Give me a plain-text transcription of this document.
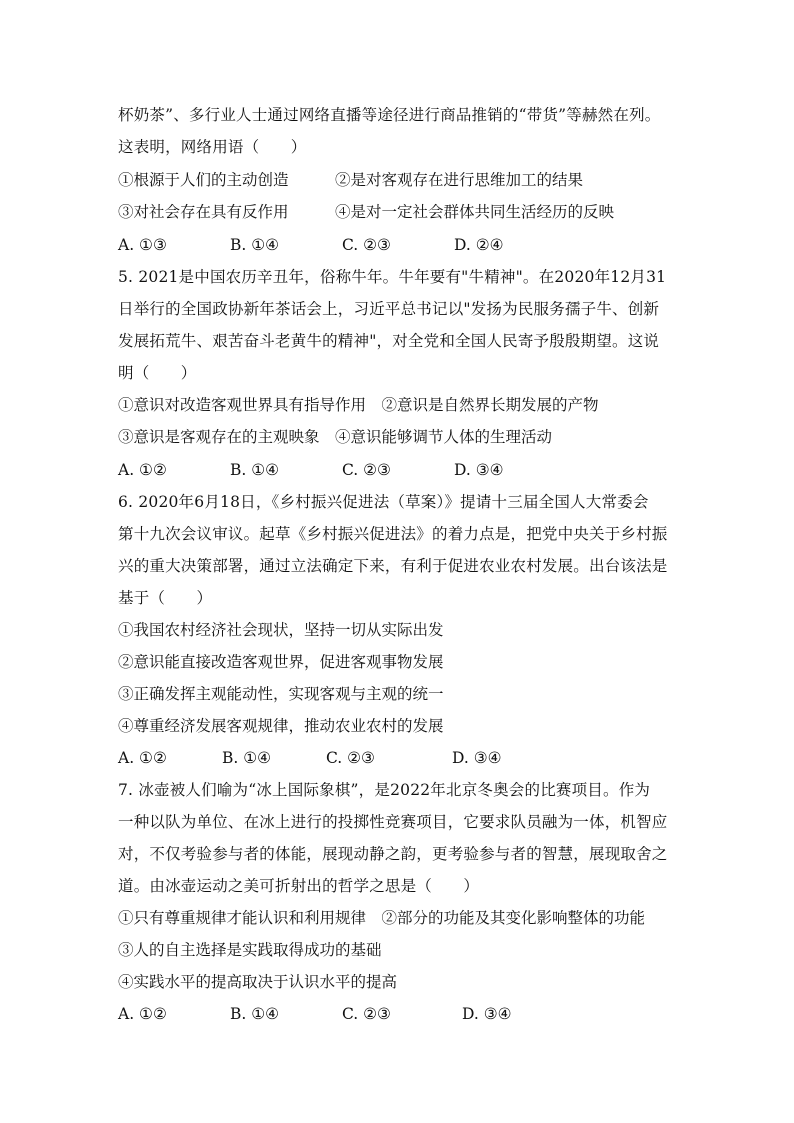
杯奶茶”、多行业人士通过网络直播等途径进行商品推销的“带货”等赫然在列。
这表明，网络用语（　　）
①根源于人们的主动创造	②是对客观存在进行思维加工的结果
③对社会存在具有反作用	④是对一定社会群体共同生活经历的反映
A. ①③	B. ①④	C. ②③	D. ②④
5. 2021是中国农历辛丑年，俗称牛年。牛年要有"牛精神"。在2020年12月31
日举行的全国政协新年茶话会上，习近平总书记以"发扬为民服务孺子牛、创新
发展拓荒牛、艰苦奋斗老黄牛的精神"，对全党和全国人民寄予殷殷期望。这说
明（　　）
①意识对改造客观世界具有指导作用　②意识是自然界长期发展的产物
③意识是客观存在的主观映象　④意识能够调节人体的生理活动
A. ①②	B. ①④	C. ②③	D. ③④
6. 2020年6月18日，《乡村振兴促进法（草案）》提请十三届全国人大常委会
第十九次会议审议。起草《乡村振兴促进法》的着力点是，把党中央关于乡村振
兴的重大决策部署，通过立法确定下来，有利于促进农业农村发展。出台该法是
基于（　　）
①我国农村经济社会现状，坚持一切从实际出发
②意识能直接改造客观世界，促进客观事物发展
③正确发挥主观能动性，实现客观与主观的统一
④尊重经济发展客观规律，推动农业农村的发展
A. ①②	B. ①④	C. ②③	D. ③④
7. 冰壶被人们喻为“冰上国际象棋”，是2022年北京冬奥会的比赛项目。作为
一种以队为单位、在冰上进行的投掷性竞赛项目，它要求队员融为一体，机智应
对，不仅考验参与者的体能，展现动静之韵，更考验参与者的智慧，展现取舍之
道。由冰壶运动之美可折射出的哲学之思是（　　）
①只有尊重规律才能认识和利用规律　②部分的功能及其变化影响整体的功能
③人的自主选择是实践取得成功的基础
④实践水平的提高取决于认识水平的提高
A. ①②	B. ①④	C. ②③	D. ③④
